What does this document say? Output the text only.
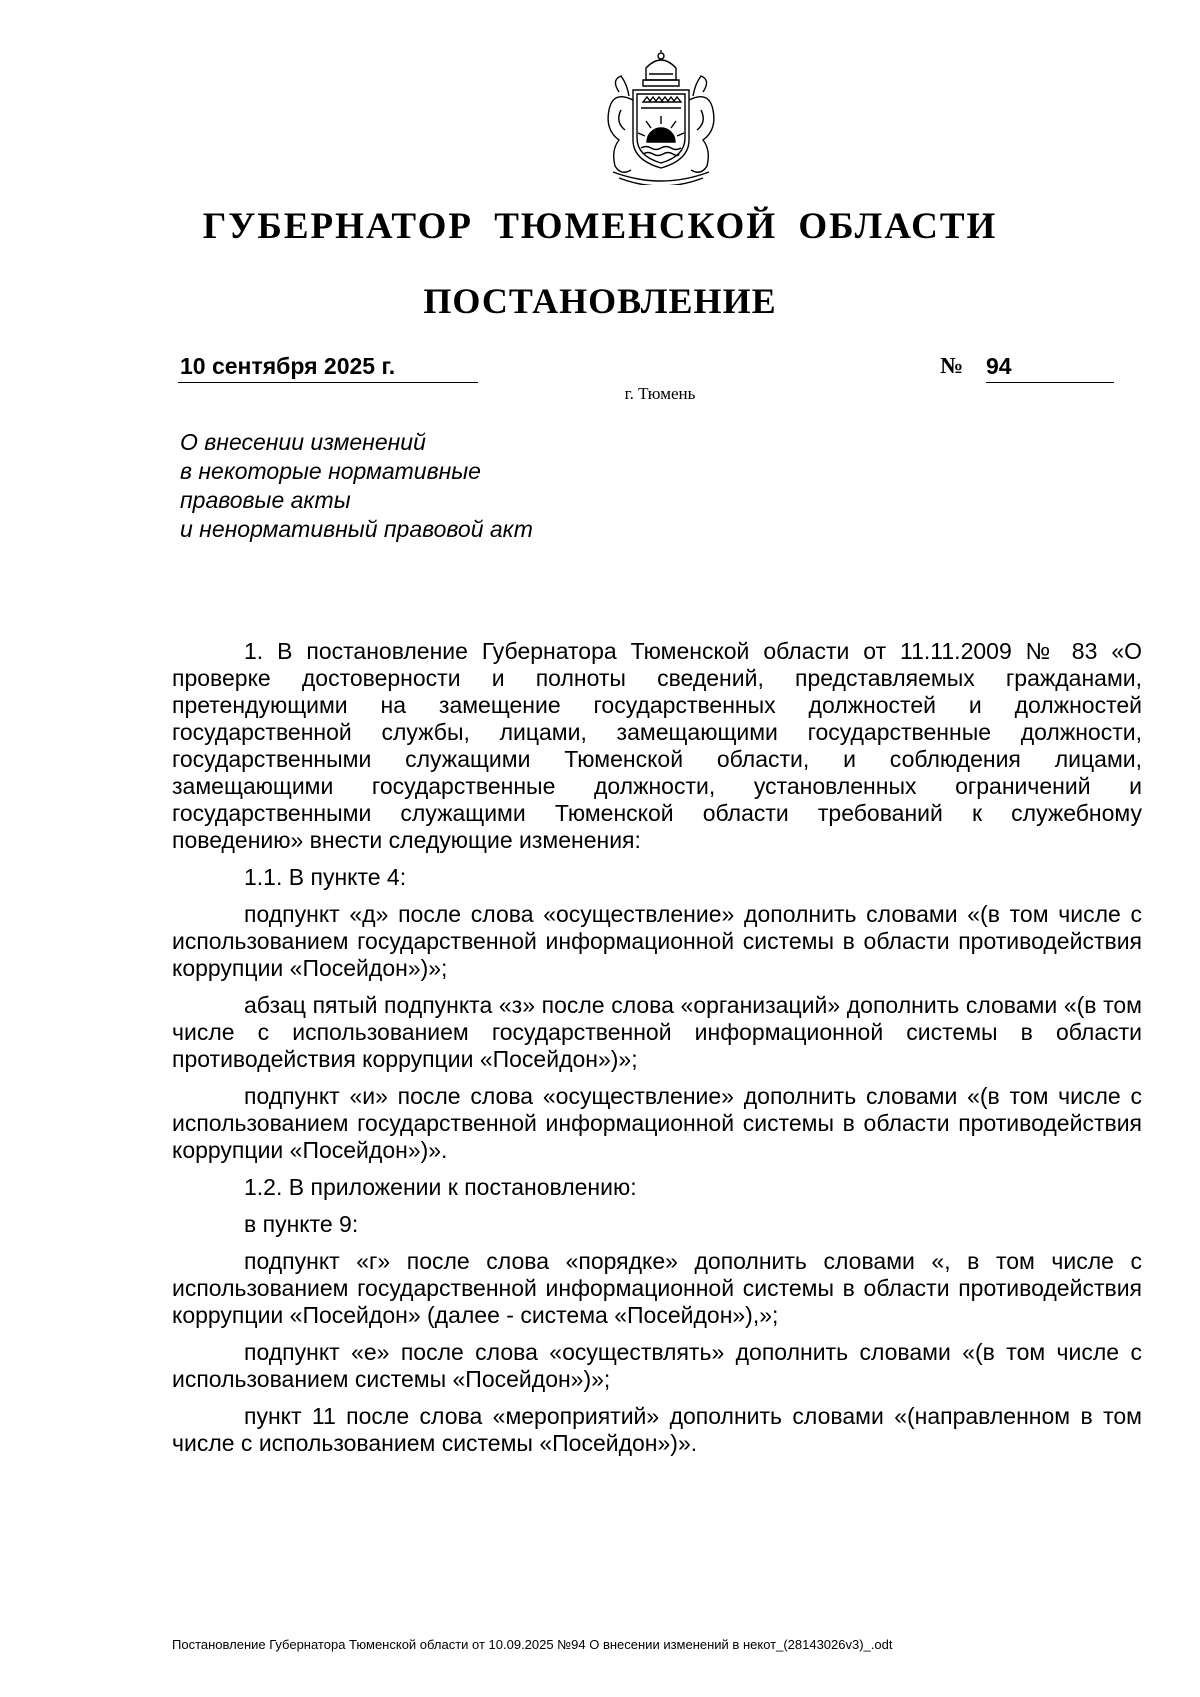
ГУБЕРНАТОР ТЮМЕНСКОЙ ОБЛАСТИ
ПОСТАНОВЛЕНИЕ
10 сентября 2025 г.	№ 94
г. Тюмень
О внесении изменений
в некоторые нормативные
правовые акты
и ненормативный правовой акт

1. В постановление Губернатора Тюменской области от 11.11.2009 № 83 «О проверке достоверности и полноты сведений, представляемых гражданами, претендующими на замещение государственных должностей и должностей государственной службы, лицами, замещающими государственные должности, государственными служащими Тюменской области, и соблюдения лицами, замещающими государственные должности, установленных ограничений и государственными служащими Тюменской области требований к служебному поведению» внести следующие изменения:

1.1. В пункте 4:

подпункт «д» после слова «осуществление» дополнить словами «(в том числе с использованием государственной информационной системы в области противодействия коррупции «Посейдон»)»;

абзац пятый подпункта «з» после слова «организаций» дополнить словами «(в том числе с использованием государственной информационной системы в области противодействия коррупции «Посейдон»)»;

подпункт «и» после слова «осуществление» дополнить словами «(в том числе с использованием государственной информационной системы в области противодействия коррупции «Посейдон»)».

1.2. В приложении к постановлению:

в пункте 9:

подпункт «г» после слова «порядке» дополнить словами «, в том числе с использованием государственной информационной системы в области противодействия коррупции «Посейдон» (далее - система «Посейдон»),»;

подпункт «е» после слова «осуществлять» дополнить словами «(в том числе с использованием системы «Посейдон»)»;

пункт 11 после слова «мероприятий» дополнить словами «(направленном в том числе с использованием системы «Посейдон»)».

Постановление Губернатора Тюменской области от 10.09.2025 №94 О внесении изменений в некот_(28143026v3)_.odt
